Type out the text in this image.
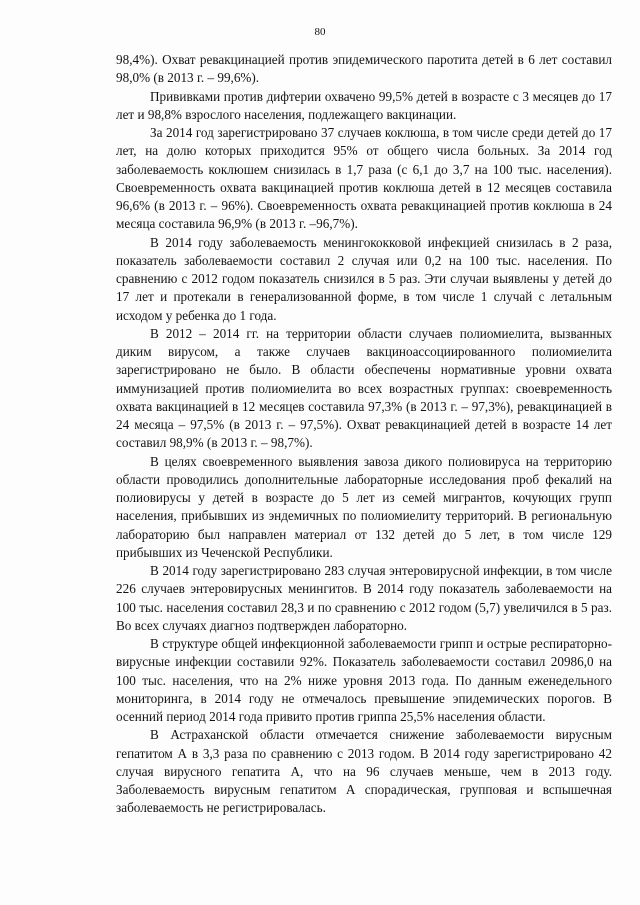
80

98,4%). Охват ревакцинацией против эпидемического паротита детей в 6 лет составил 98,0% (в 2013 г. – 99,6%).

Прививками против дифтерии охвачено 99,5% детей в возрасте с 3 месяцев до 17 лет и 98,8% взрослого населения, подлежащего вакцинации.

За 2014 год зарегистрировано 37 случаев коклюша, в том числе среди детей до 17 лет, на долю которых приходится 95% от общего числа больных. За 2014 год заболеваемость коклюшем снизилась в 1,7 раза (с 6,1 до 3,7 на 100 тыс. населения). Своевременность охвата вакцинацией против коклюша детей в 12 месяцев составила 96,6% (в 2013 г. – 96%). Своевременность охвата ревакцинацией против коклюша в 24 месяца составила 96,9% (в 2013 г. –96,7%).

В 2014 году заболеваемость менингококковой инфекцией снизилась в 2 раза, показатель заболеваемости составил 2 случая или 0,2 на 100 тыс. населения. По сравнению с 2012 годом показатель снизился в 5 раз. Эти случаи выявлены у детей до 17 лет и протекали в генерализованной форме, в том числе 1 случай с летальным исходом у ребенка до 1 года.

В 2012 – 2014 гг. на территории области случаев полиомиелита, вызванных диким вирусом, а также случаев вакциноассоциированного полиомиелита зарегистрировано не было. В области обеспечены нормативные уровни охвата иммунизацией против полиомиелита во всех возрастных группах: своевременность охвата вакцинацией в 12 месяцев составила 97,3% (в 2013 г. – 97,3%), ревакцинацией в 24 месяца – 97,5% (в 2013 г. – 97,5%). Охват ревакцинацией детей в возрасте 14 лет составил 98,9% (в 2013 г. – 98,7%).

В целях своевременного выявления завоза дикого полиовируса на территорию области проводились дополнительные лабораторные исследования проб фекалий на полиовирусы у детей в возрасте до 5 лет из семей мигрантов, кочующих групп населения, прибывших из эндемичных по полиомиелиту территорий. В региональную лабораторию был направлен материал от 132 детей до 5 лет, в том числе 129 прибывших из Чеченской Республики.

В 2014 году зарегистрировано 283 случая энтеровирусной инфекции, в том числе 226 случаев энтеровирусных менингитов. В 2014 году показатель заболеваемости на 100 тыс. населения составил 28,3 и по сравнению с 2012 годом (5,7) увеличился в 5 раз. Во всех случаях диагноз подтвержден лабораторно.

В структуре общей инфекционной заболеваемости грипп и острые респираторно-вирусные инфекции составили 92%. Показатель заболеваемости составил 20986,0 на 100 тыс. населения, что на 2% ниже уровня 2013 года. По данным еженедельного мониторинга, в 2014 году не отмечалось превышение эпидемических порогов. В осенний период 2014 года привито против гриппа 25,5% населения области.

В Астраханской области отмечается снижение заболеваемости вирусным гепатитом А в 3,3 раза по сравнению с 2013 годом. В 2014 году зарегистрировано 42 случая вирусного гепатита А, что на 96 случаев меньше, чем в 2013 году. Заболеваемость вирусным гепатитом А спорадическая, групповая и вспышечная заболеваемость не регистрировалась.
